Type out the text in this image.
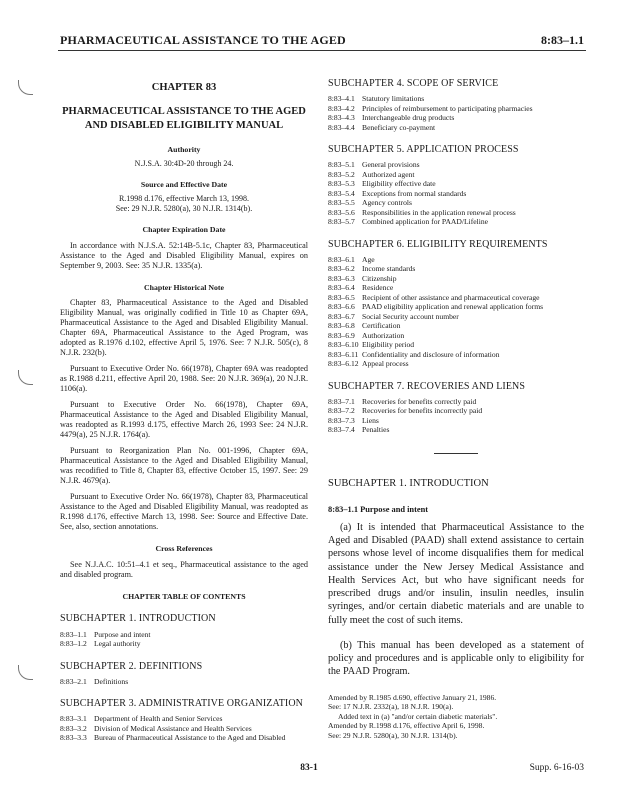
PHARMACEUTICAL ASSISTANCE TO THE AGED	8:83–1.1
CHAPTER 83
PHARMACEUTICAL ASSISTANCE TO THE AGED
AND DISABLED ELIGIBILITY MANUAL
Authority
N.J.S.A. 30:4D-20 through 24.
Source and Effective Date
R.1998 d.176, effective March 13, 1998.
See: 29 N.J.R. 5280(a), 30 N.J.R. 1314(b).
Chapter Expiration Date

In accordance with N.J.S.A. 52:14B-5.1c, Chapter 83, Pharmaceutical Assistance to the Aged and Disabled Eligibility Manual, expires on September 9, 2003. See: 35 N.J.R. 1335(a).

Chapter Historical Note

Chapter 83, Pharmaceutical Assistance to the Aged and Disabled Eligibility Manual, was originally codified in Title 10 as Chapter 69A, Pharmaceutical Assistance to the Aged and Disabled Eligibility Manual. Chapter 69A, Pharmaceutical Assistance to the Aged Program, was adopted as R.1976 d.102, effective April 5, 1976. See: 7 N.J.R. 505(c), 8 N.J.R. 232(b).

Pursuant to Executive Order No. 66(1978), Chapter 69A was readopted as R.1988 d.211, effective April 20, 1988. See: 20 N.J.R. 369(a), 20 N.J.R. 1106(a).

Pursuant to Executive Order No. 66(1978), Chapter 69A, Pharmaceutical Assistance to the Aged and Disabled Eligibility Manual, was readopted as R.1993 d.175, effective March 26, 1993 See: 24 N.J.R. 4479(a), 25 N.J.R. 1764(a).

Pursuant to Reorganization Plan No. 001-1996, Chapter 69A, Pharmaceutical Assistance to the Aged and Disabled Eligibility Manual, was recodified to Title 8, Chapter 83, effective October 15, 1997. See: 29 N.J.R. 4679(a).

Pursuant to Executive Order No. 66(1978), Chapter 83, Pharmaceutical Assistance to the Aged and Disabled Eligibility Manual, was readopted as R.1998 d.176, effective March 13, 1998. See: Source and Effective Date. See, also, section annotations.

Cross References

See N.J.A.C. 10:51–4.1 et seq., Pharmaceutical assistance to the aged and disabled program.

CHAPTER TABLE OF CONTENTS
SUBCHAPTER 1. INTRODUCTION
8:83–1.1 Purpose and intent
8:83–1.2 Legal authority
SUBCHAPTER 2. DEFINITIONS
8:83–2.1 Definitions
SUBCHAPTER 3. ADMINISTRATIVE ORGANIZATION
8:83–3.1 Department of Health and Senior Services
8:83–3.2 Division of Medical Assistance and Health Services
8:83–3.3 Bureau of Pharmaceutical Assistance to the Aged and Disabled
SUBCHAPTER 4. SCOPE OF SERVICE
8:83–4.1 Statutory limitations
8:83–4.2 Principles of reimbursement to participating pharmacies
8:83–4.3 Interchangeable drug products
8:83–4.4 Beneficiary co-payment
SUBCHAPTER 5. APPLICATION PROCESS
8:83–5.1 General provisions
8:83–5.2 Authorized agent
8:83–5.3 Eligibility effective date
8:83–5.4 Exceptions from normal standards
8:83–5.5 Agency controls
8:83–5.6 Responsibilities in the application renewal process
8:83–5.7 Combined application for PAAD/Lifeline
SUBCHAPTER 6. ELIGIBILITY REQUIREMENTS
8:83–6.1 Age
8:83–6.2 Income standards
8:83–6.3 Citizenship
8:83–6.4 Residence
8:83–6.5 Recipient of other assistance and pharmaceutical coverage
8:83–6.6 PAAD eligibility application and renewal application forms
8:83–6.7 Social Security account number
8:83–6.8 Certification
8:83–6.9 Authorization
8:83–6.10 Eligibility period
8:83–6.11 Confidentiality and disclosure of information
8:83–6.12 Appeal process
SUBCHAPTER 7. RECOVERIES AND LIENS
8:83–7.1 Recoveries for benefits correctly paid
8:83–7.2 Recoveries for benefits incorrectly paid
8:83–7.3 Liens
8:83–7.4 Penalties
SUBCHAPTER 1. INTRODUCTION
8:83–1.1 Purpose and intent

(a) It is intended that Pharmaceutical Assistance to the Aged and Disabled (PAAD) shall extend assistance to certain persons whose level of income disqualifies them for medical assistance under the New Jersey Medical Assistance and Health Services Act, but who have significant needs for prescribed drugs and/or insulin, insulin needles, insulin syringes, and/or certain diabetic materials and are unable to fully meet the cost of such items.

(b) This manual has been developed as a statement of policy and procedures and is applicable only to eligibility for the PAAD Program.

Amended by R.1985 d.690, effective January 21, 1986.
See: 17 N.J.R. 2332(a), 18 N.J.R. 190(a).
Added text in (a) "and/or certain diabetic materials".
Amended by R.1998 d.176, effective April 6, 1998.
See: 29 N.J.R. 5280(a), 30 N.J.R. 1314(b).
83-1	Supp. 6-16-03
